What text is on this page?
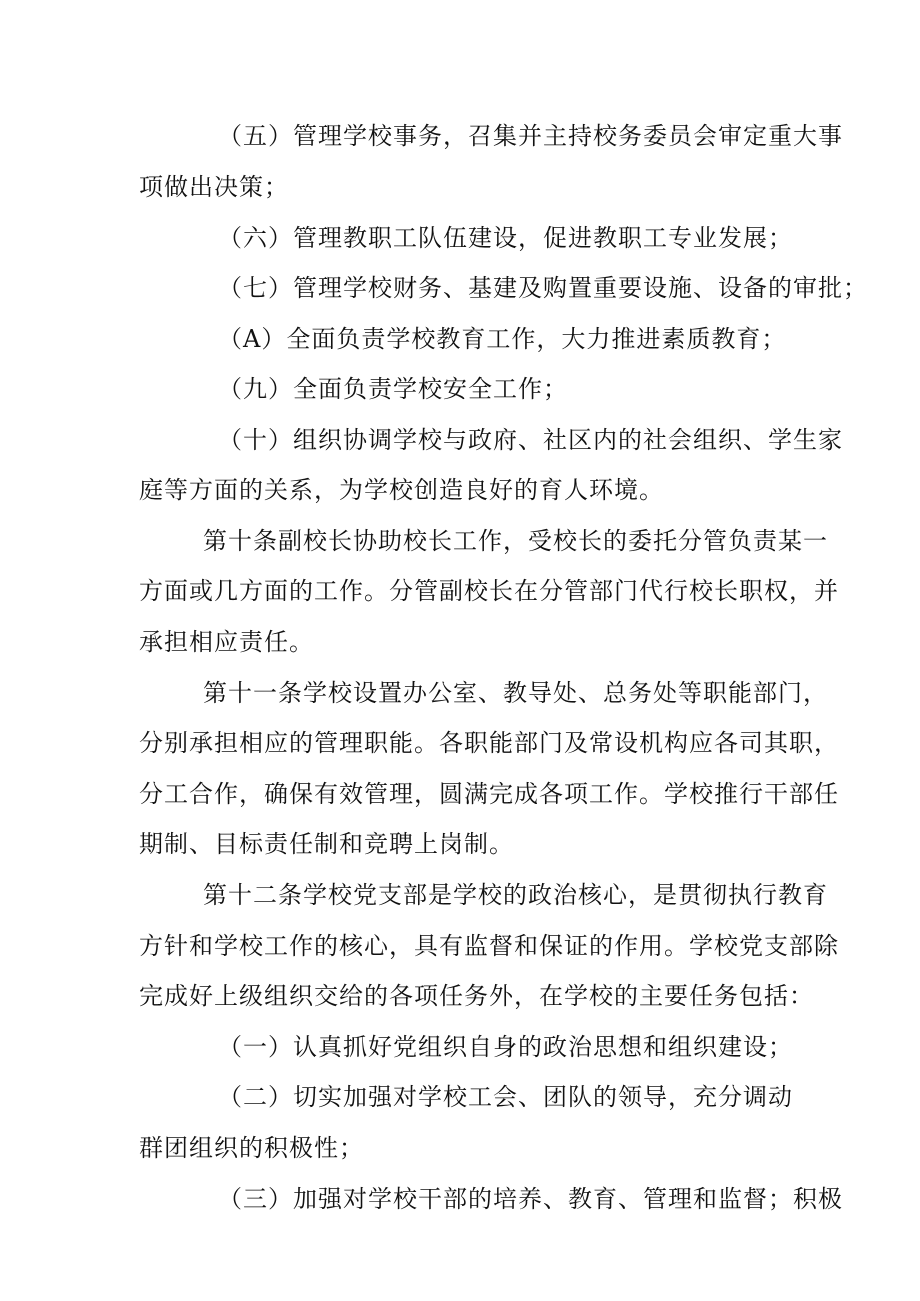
（五）管理学校事务，召集并主持校务委员会审定重大事
项做出决策；
（六）管理教职工队伍建设，促进教职工专业发展；
（七）管理学校财务、基建及购置重要设施、设备的审批；
（A）全面负责学校教育工作，大力推进素质教育；
（九）全面负责学校安全工作；
（十）组织协调学校与政府、社区内的社会组织、学生家
庭等方面的关系，为学校创造良好的育人环境。
第十条副校长协助校长工作，受校长的委托分管负责某一
方面或几方面的工作。分管副校长在分管部门代行校长职权，并
承担相应责任。
第十一条学校设置办公室、教导处、总务处等职能部门，
分别承担相应的管理职能。各职能部门及常设机构应各司其职，
分工合作，确保有效管理，圆满完成各项工作。学校推行干部任
期制、目标责任制和竞聘上岗制。
第十二条学校党支部是学校的政治核心，是贯彻执行教育
方针和学校工作的核心，具有监督和保证的作用。学校党支部除
完成好上级组织交给的各项任务外，在学校的主要任务包括：
（一）认真抓好党组织自身的政治思想和组织建设；
（二）切实加强对学校工会、团队的领导，充分调动
群团组织的积极性；
（三）加强对学校干部的培养、教育、管理和监督；积极
